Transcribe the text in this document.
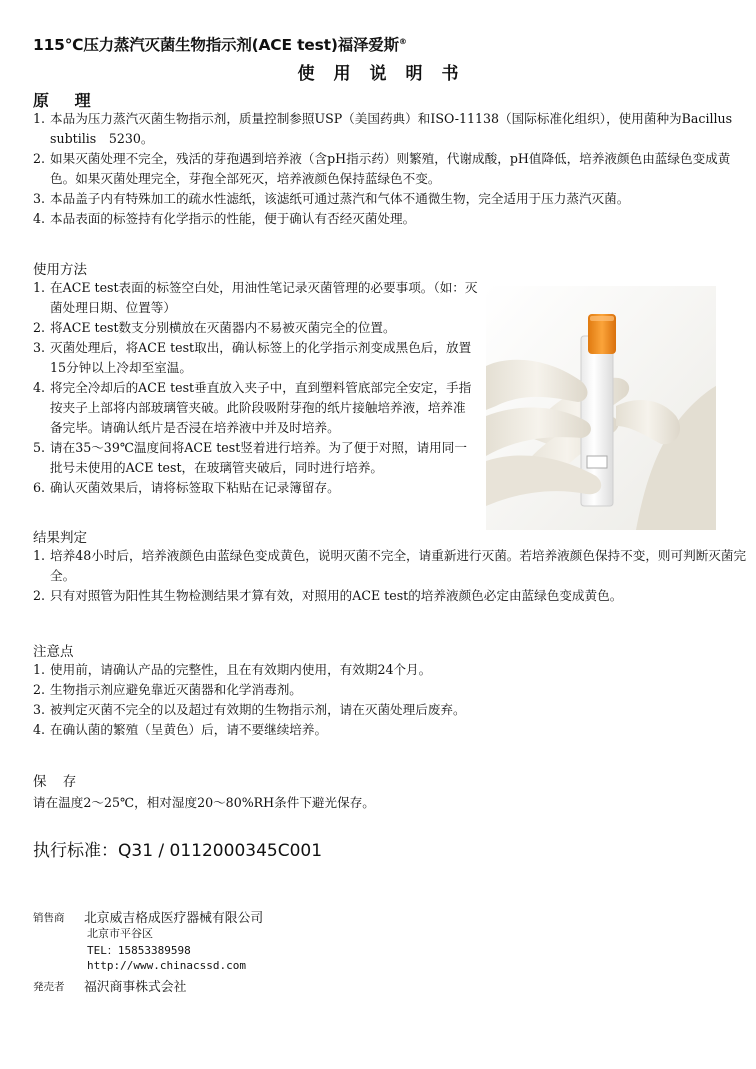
115℃压力蒸汽灭菌生物指示剂(ACE test)福泽爱斯®
使用说明书
原 理
1. 本品为压力蒸汽灭菌生物指示剂，质量控制参照USP（美国药典）和ISO-11138（国际标准化组织），使用菌种为Bacillus subtilis　5230。
2. 如果灭菌处理不完全，残活的芽孢遇到培养液（含pH指示药）则繁殖，代谢成酸，pH值降低，培养液颜色由蓝绿色变成黄色。如果灭菌处理完全，芽孢全部死灭，培养液颜色保持蓝绿色不变。
3. 本品盖子内有特殊加工的疏水性滤纸，该滤纸可通过蒸汽和气体不通微生物，完全适用于压力蒸汽灭菌。
4. 本品表面的标签持有化学指示的性能，便于确认有否经灭菌处理。
使用方法
1. 在ACE test表面的标签空白处，用油性笔记录灭菌管理的必要事项。（如：灭菌处理日期、位置等）
2. 将ACE test数支分别横放在灭菌器内不易被灭菌完全的位置。
3. 灭菌处理后，将ACE test取出，确认标签上的化学指示剂变成黑色后，放置15分钟以上冷却至室温。
4. 将完全冷却后的ACE test垂直放入夹子中，直到塑料管底部完全安定，手指按夹子上部将内部玻璃管夹破。此阶段吸附芽孢的纸片接触培养液，培养准备完毕。请确认纸片是否浸在培养液中并及时培养。
5. 请在35～39℃温度间将ACE test竖着进行培养。为了便于对照，请用同一批号未使用的ACE test，在玻璃管夹破后，同时进行培养。
6. 确认灭菌效果后，请将标签取下粘贴在记录簿留存。
结果判定
1. 培养48小时后，培养液颜色由蓝绿色变成黄色，说明灭菌不完全，请重新进行灭菌。若培养液颜色保持不变，则可判断灭菌完全。
2. 只有对照管为阳性其生物检测结果才算有效，对照用的ACE test的培养液颜色必定由蓝绿色变成黄色。
注意点
1. 使用前，请确认产品的完整性，且在有效期内使用，有效期24个月。
2. 生物指示剂应避免靠近灭菌器和化学消毒剂。
3. 被判定灭菌不完全的以及超过有效期的生物指示剂，请在灭菌处理后废弃。
4. 在确认菌的繁殖（呈黄色）后，请不要继续培养。
保 存
请在温度2～25℃，相对湿度20～80%RH条件下避光保存。
执行标准：Q31 / 0112000345C001
销售商 北京威吉格成医疗器械有限公司
北京市平谷区
TEL：15853389598
http://www.chinacssd.com
発売者 福沢商事株式会社
